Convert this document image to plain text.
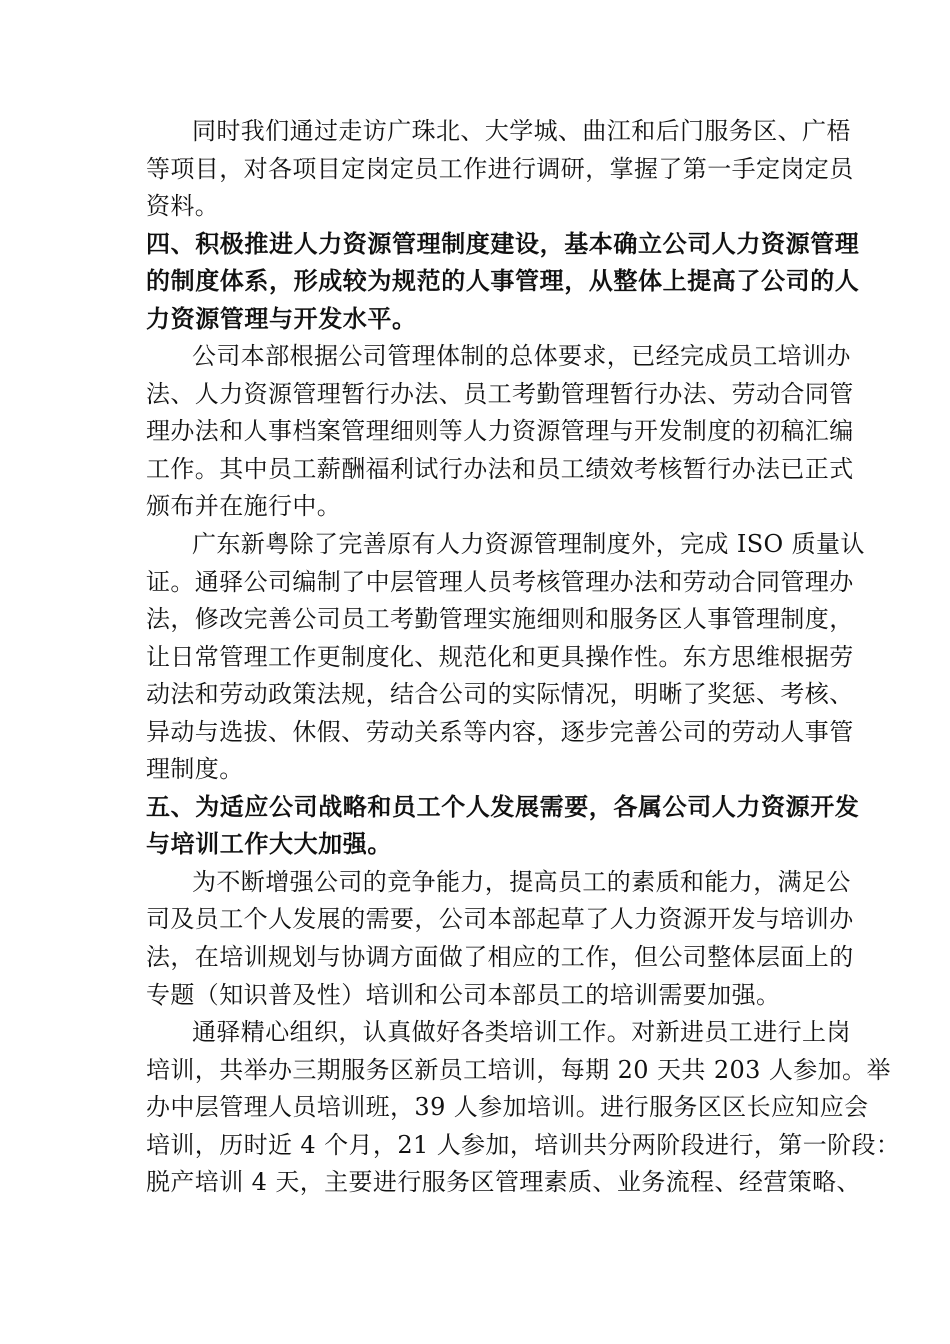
同时我们通过走访广珠北、大学城、曲江和后门服务区、广梧
等项目，对各项目定岗定员工作进行调研，掌握了第一手定岗定员
资料。
四、积极推进人力资源管理制度建设，基本确立公司人力资源管理
的制度体系，形成较为规范的人事管理，从整体上提高了公司的人
力资源管理与开发水平。
公司本部根据公司管理体制的总体要求，已经完成员工培训办
法、人力资源管理暂行办法、员工考勤管理暂行办法、劳动合同管
理办法和人事档案管理细则等人力资源管理与开发制度的初稿汇编
工作。其中员工薪酬福利试行办法和员工绩效考核暂行办法已正式
颁布并在施行中。
广东新粤除了完善原有人力资源管理制度外，完成 ISO 质量认
证。通驿公司编制了中层管理人员考核管理办法和劳动合同管理办
法，修改完善公司员工考勤管理实施细则和服务区人事管理制度，
让日常管理工作更制度化、规范化和更具操作性。东方思维根据劳
动法和劳动政策法规，结合公司的实际情况，明晰了奖惩、考核、
异动与选拔、休假、劳动关系等内容，逐步完善公司的劳动人事管
理制度。
五、为适应公司战略和员工个人发展需要，各属公司人力资源开发
与培训工作大大加强。
为不断增强公司的竞争能力，提高员工的素质和能力，满足公
司及员工个人发展的需要，公司本部起草了人力资源开发与培训办
法，在培训规划与协调方面做了相应的工作，但公司整体层面上的
专题（知识普及性）培训和公司本部员工的培训需要加强。
通驿精心组织，认真做好各类培训工作。对新进员工进行上岗
培训，共举办三期服务区新员工培训，每期 20 天共 203 人参加。举
办中层管理人员培训班，39 人参加培训。进行服务区区长应知应会
培训，历时近 4 个月，21 人参加，培训共分两阶段进行，第一阶段：
脱产培训 4 天，主要进行服务区管理素质、业务流程、经营策略、
